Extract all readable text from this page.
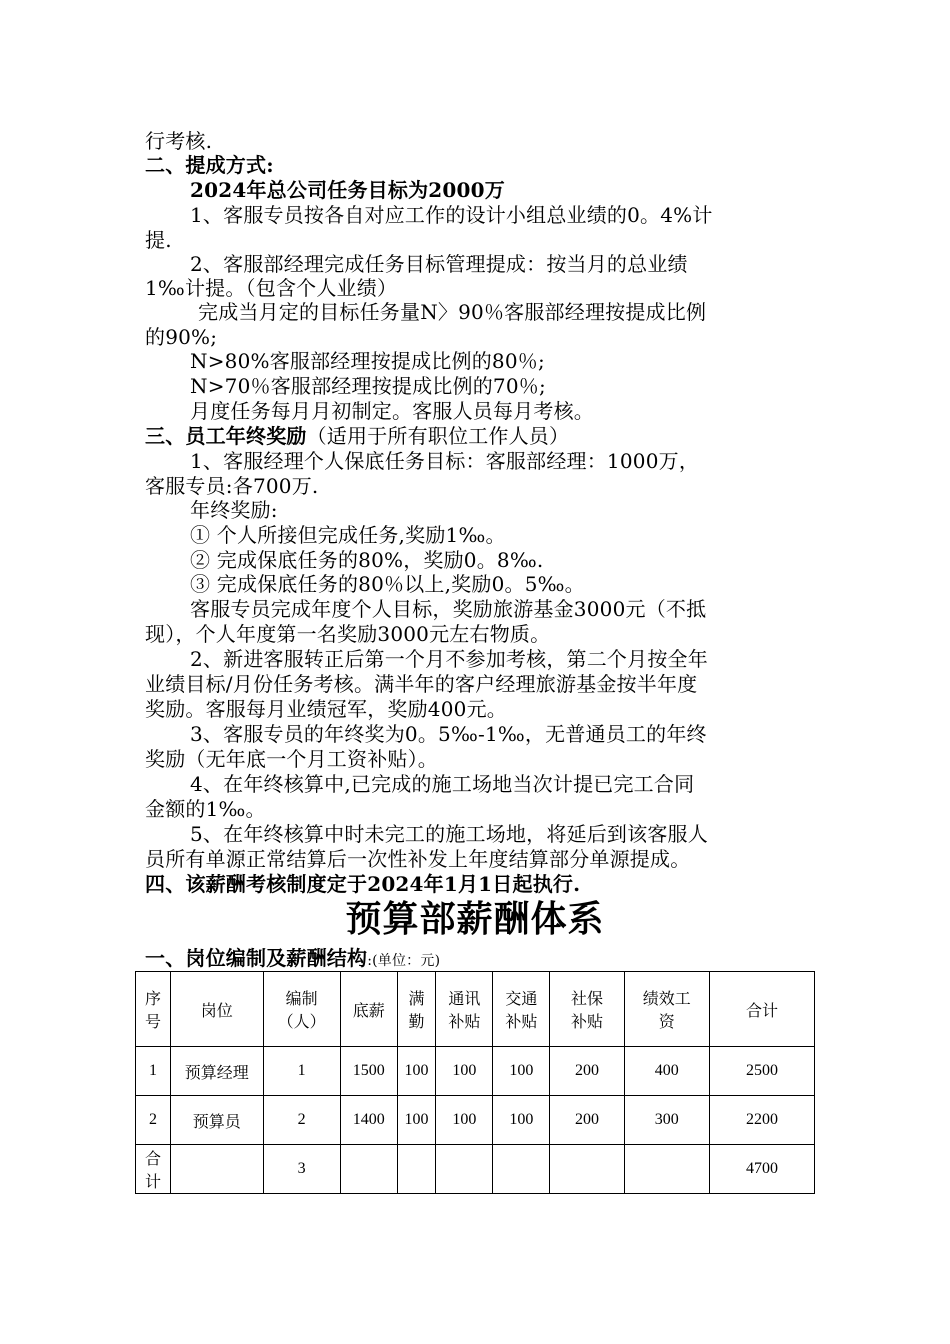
行考核.
二、提成方式:
2024年总公司任务目标为2000万
1、客服专员按各自对应工作的设计小组总业绩的0。4%计
提.
2、客服部经理完成任务目标管理提成：按当月的总业绩
1‰计提。（包含个人业绩）
完成当月定的目标任务量N〉90％客服部经理按提成比例
的90%;
N>80%客服部经理按提成比例的80％;
N>70％客服部经理按提成比例的70％;
月度任务每月月初制定。客服人员每月考核。
三、员工年终奖励（适用于所有职位工作人员）
1、客服经理个人保底任务目标：客服部经理：1000万，
客服专员:各700万.
年终奖励:
① 个人所接但完成任务,奖励1‰。
② 完成保底任务的80%，奖励0。8‰.
③ 完成保底任务的80％以上,奖励0。5‰。
客服专员完成年度个人目标，奖励旅游基金3000元（不抵
现），个人年度第一名奖励3000元左右物质。
2、新进客服转正后第一个月不参加考核，第二个月按全年
业绩目标/月份任务考核。满半年的客户经理旅游基金按半年度
奖励。客服每月业绩冠军，奖励400元。
3、客服专员的年终奖为0。5‰-1‰，无普通员工的年终
奖励（无年底一个月工资补贴）。
4、在年终核算中,已完成的施工场地当次计提已完工合同
金额的1‰。
5、在年终核算中时未完工的施工场地，将延后到该客服人
员所有单源正常结算后一次性补发上年度结算部分单源提成。
四、该薪酬考核制度定于2024年1月1日起执行.
预算部薪酬体系
一、岗位编制及薪酬结构:(单位：元)
序号	岗位	编制（人）	底薪	满勤	通讯补贴	交通补贴	社保补贴	绩效工资	合计
1	预算经理	1	1500	100	100	100	200	400	2500
2	预算员	2	1400	100	100	100	200	300	2200
合计		3							4700
